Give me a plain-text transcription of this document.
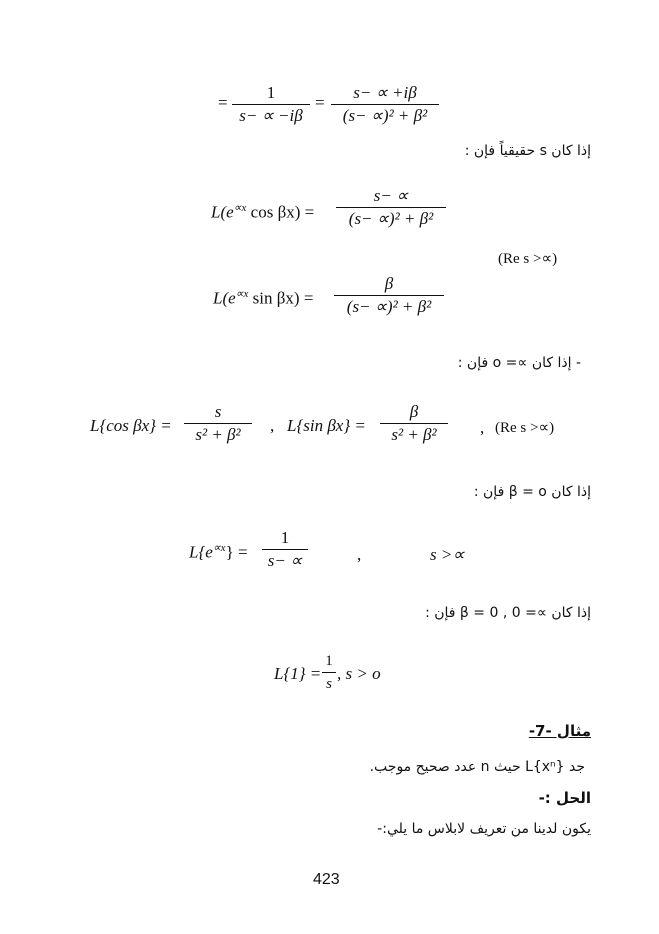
=
1
s− ∝ −iβ
=
s− ∝ +iβ
(s− ∝)² + β²
إذا كان s حقيقياً فإن :
$L(e^{\propto x}$ cos βx) =
s− ∝
(s− ∝)² + β²
(Re s >∝)
$L(e^{\propto x}$ sin βx) =
β
(s− ∝)² + β²
- إذا كان ∝= o فإن :
L{cos βx} =
s
s² + β²	, L{sin βx} =
β
s² + β²	, (Re s >∝)
إذا كان β = o فإن :
$L\{e^{\propto x}\}$ =
1
s− ∝	,	s >∝
إذا كان ∝= 0 , β = 0 فإن :
L{1} =
1
s
, s > o
مثال -7-
جد L{xⁿ} حيث n عدد صحيح موجب.
الحل :-
يكون لدينا من تعريف لابلاس ما يلي:-
423
